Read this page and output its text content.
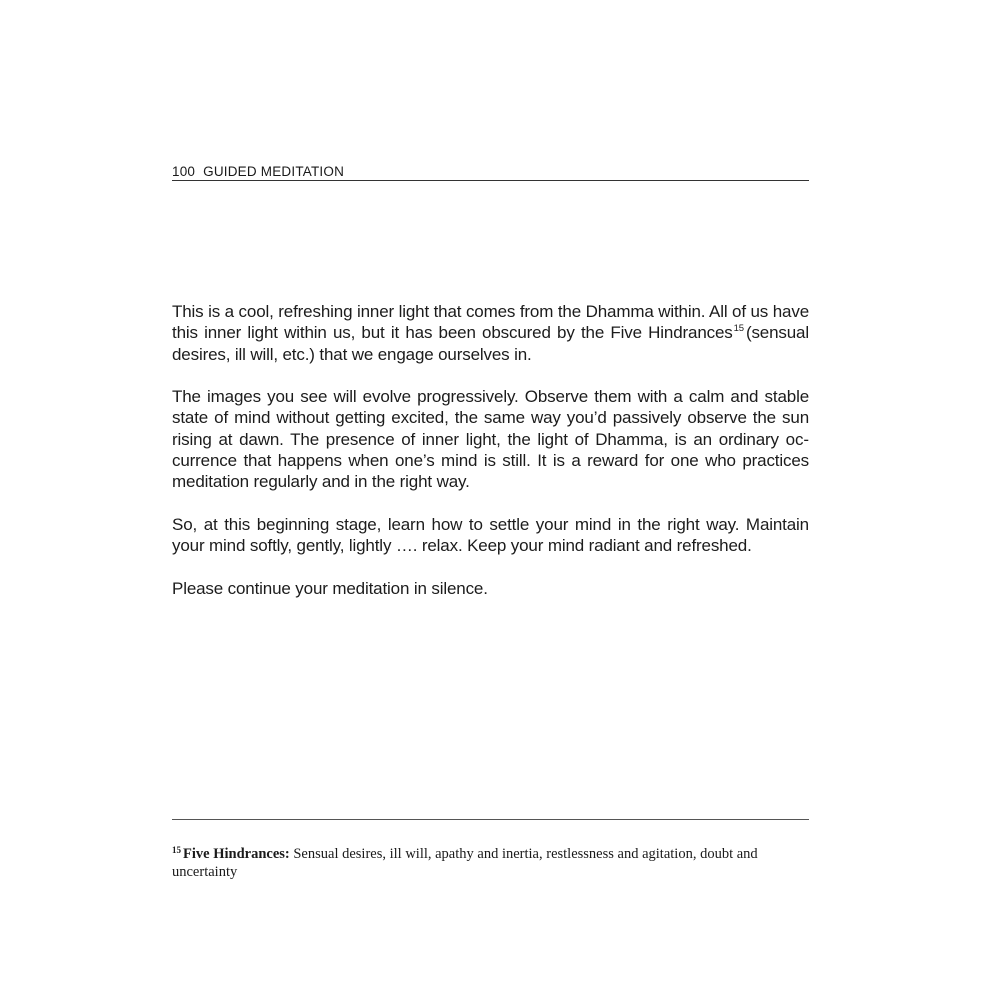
100 GUIDED MEDITATION

This is a cool, refreshing inner light that comes from the Dhamma within. All of us have this inner light within us, but it has been obscured by the Five Hindrances$^{15}$ (sensual desires, ill will, etc.) that we engage ourselves in.

The images you see will evolve progressively. Observe them with a calm and stable state of mind without getting excited, the same way you’d passively observe the sun rising at dawn. The presence of inner light, the light of Dhamma, is an ordinary occurrence that happens when one’s mind is still. It is a reward for one who practices meditation regularly and in the right way.

So, at this beginning stage, learn how to settle your mind in the right way. Maintain your mind softly, gently, lightly …. relax. Keep your mind radiant and refreshed.

Please continue your meditation in silence.

$^{15}$ Five Hindrances: Sensual desires, ill will, apathy and inertia, restlessness and agitation, doubt and uncertainty
